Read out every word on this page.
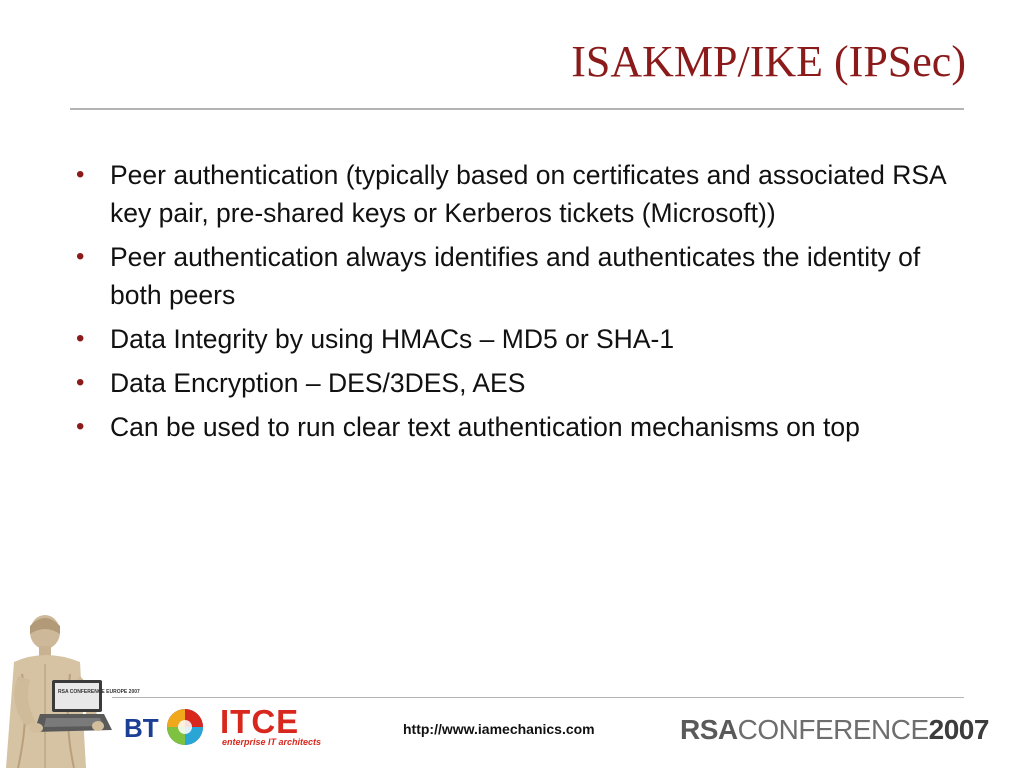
ISAKMP/IKE (IPSec)
• Peer authentication (typically based on certificates and associated RSA key pair, pre-shared keys or Kerberos tickets (Microsoft))
• Peer authentication always identifies and authenticates the identity of both peers
• Data Integrity by using HMACs – MD5 or SHA-1
• Data Encryption – DES/3DES, AES
• Can be used to run clear text authentication mechanisms on top
RSA CONFERENCE EUROPE 2007
BT ITCE
enterprise IT architects
http://www.iamechanics.com	RSACONFERENCE2007
